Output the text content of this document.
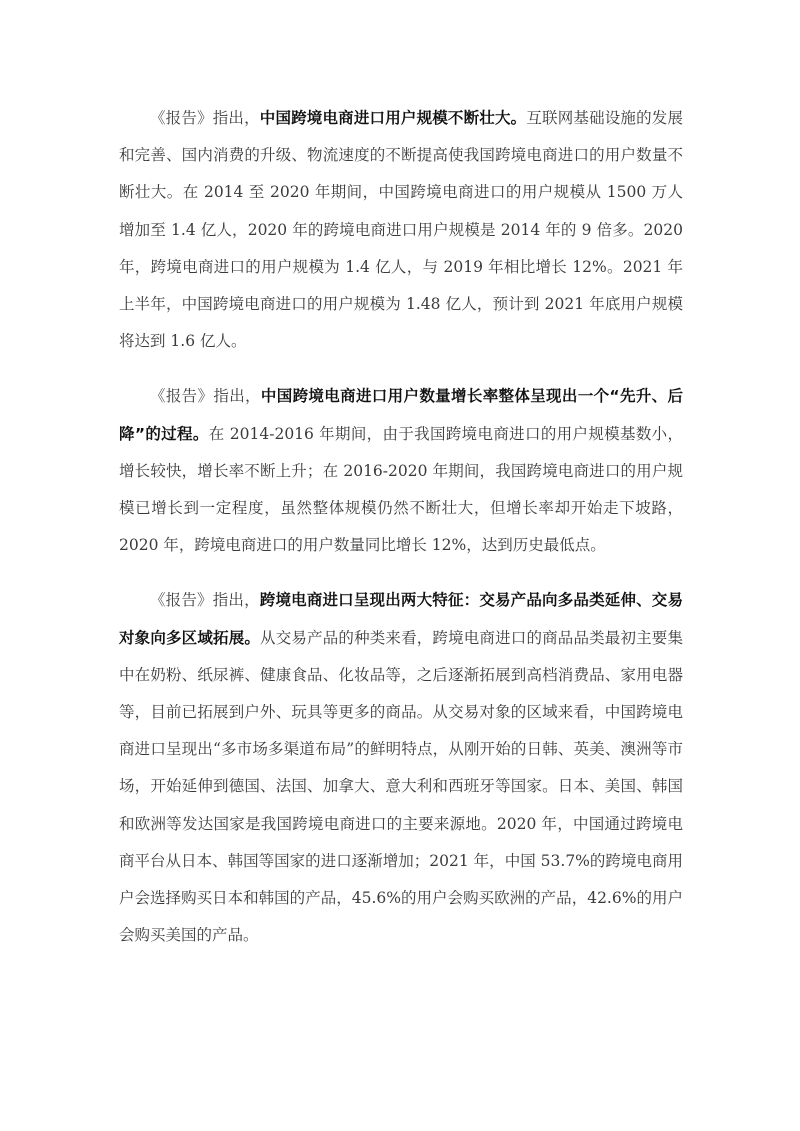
《报告》指出，中国跨境电商进口用户规模不断壮大。互联网基础设施的发展和完善、国内消费的升级、物流速度的不断提高使我国跨境电商进口的用户数量不断壮大。在 2014 至 2020 年期间，中国跨境电商进口的用户规模从 1500 万人增加至 1.4 亿人，2020 年的跨境电商进口用户规模是 2014 年的 9 倍多。2020 年，跨境电商进口的用户规模为 1.4 亿人，与 2019 年相比增长 12%。2021 年上半年，中国跨境电商进口的用户规模为 1.48 亿人，预计到 2021 年底用户规模将达到 1.6 亿人。

《报告》指出，中国跨境电商进口用户数量增长率整体呈现出一个“先升、后降”的过程。在 2014-2016 年期间，由于我国跨境电商进口的用户规模基数小，增长较快，增长率不断上升；在 2016-2020 年期间，我国跨境电商进口的用户规模已增长到一定程度，虽然整体规模仍然不断壮大，但增长率却开始走下坡路，2020 年，跨境电商进口的用户数量同比增长 12%，达到历史最低点。

《报告》指出，跨境电商进口呈现出两大特征：交易产品向多品类延伸、交易对象向多区域拓展。从交易产品的种类来看，跨境电商进口的商品品类最初主要集中在奶粉、纸尿裤、健康食品、化妆品等，之后逐渐拓展到高档消费品、家用电器等，目前已拓展到户外、玩具等更多的商品。从交易对象的区域来看，中国跨境电商进口呈现出“多市场多渠道布局”的鲜明特点，从刚开始的日韩、英美、澳洲等市场，开始延伸到德国、法国、加拿大、意大利和西班牙等国家。日本、美国、韩国和欧洲等发达国家是我国跨境电商进口的主要来源地。2020 年，中国通过跨境电商平台从日本、韩国等国家的进口逐渐增加；2021 年，中国 53.7%的跨境电商用户会选择购买日本和韩国的产品，45.6%的用户会购买欧洲的产品，42.6%的用户会购买美国的产品。
